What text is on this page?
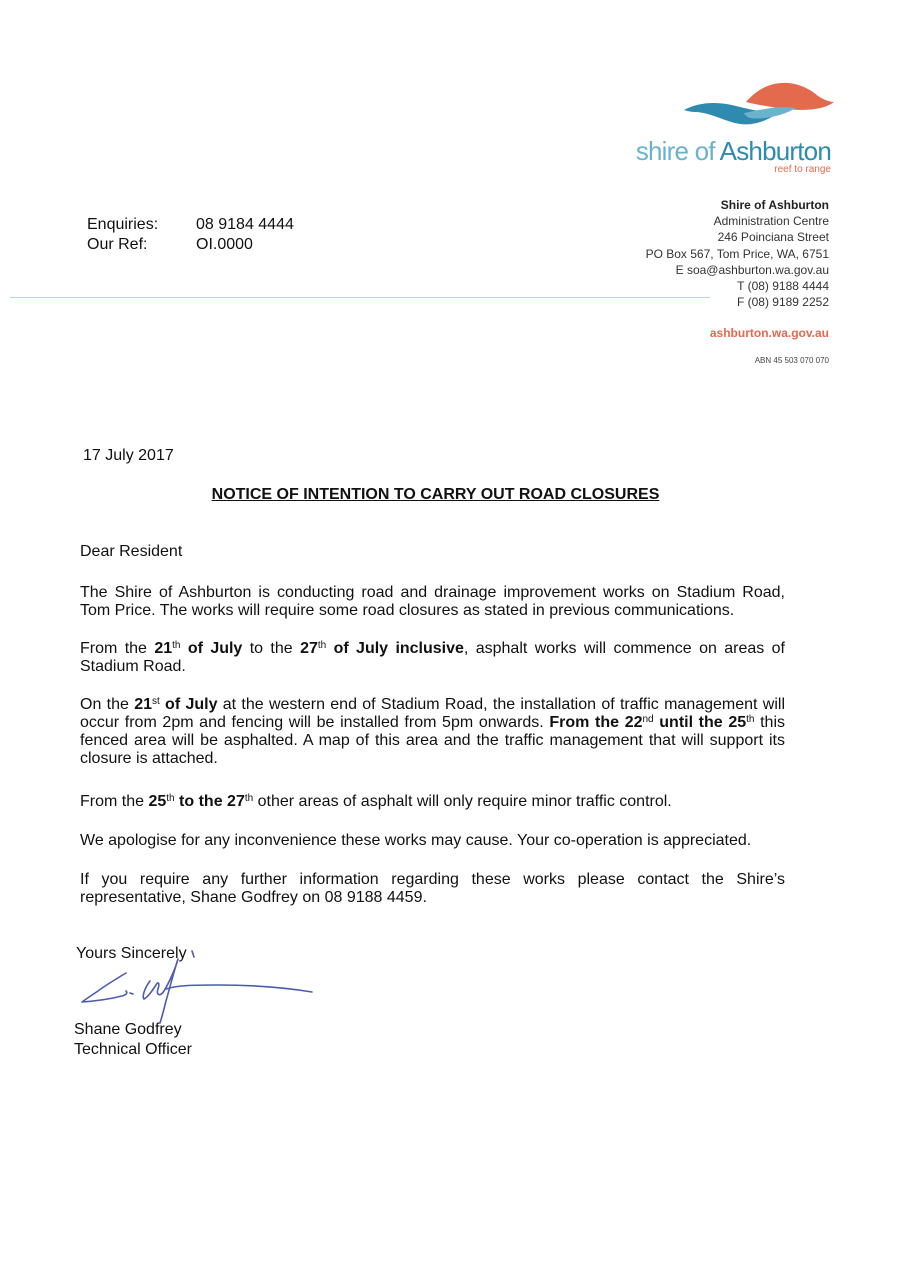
shire of Ashburton
reef to range
Enquiries:	08 9184 4444
Our Ref:	OI.0000
Shire of Ashburton
Administration Centre
246 Poinciana Street
PO Box 567, Tom Price, WA, 6751
E soa@ashburton.wa.gov.au
T (08) 9188 4444
F (08) 9189 2252
ashburton.wa.gov.au
ABN 45 503 070 070
17 July 2017
NOTICE OF INTENTION TO CARRY OUT ROAD CLOSURES
Dear Resident
The Shire of Ashburton is conducting road and drainage improvement works on Stadium Road, Tom Price. The works will require some road closures as stated in previous communications.
From the 21th of July to the 27th of July inclusive, asphalt works will commence on areas of Stadium Road.
On the 21st of July at the western end of Stadium Road, the installation of traffic management will occur from 2pm and fencing will be installed from 5pm onwards. From the 22nd until the 25th this fenced area will be asphalted. A map of this area and the traffic management that will support its closure is attached.
From the 25th to the 27th other areas of asphalt will only require minor traffic control.
We apologise for any inconvenience these works may cause. Your co-operation is appreciated.
If you require any further information regarding these works please contact the Shire’s representative, Shane Godfrey on 08 9188 4459.
Yours Sincerely
Shane Godfrey
Technical Officer
